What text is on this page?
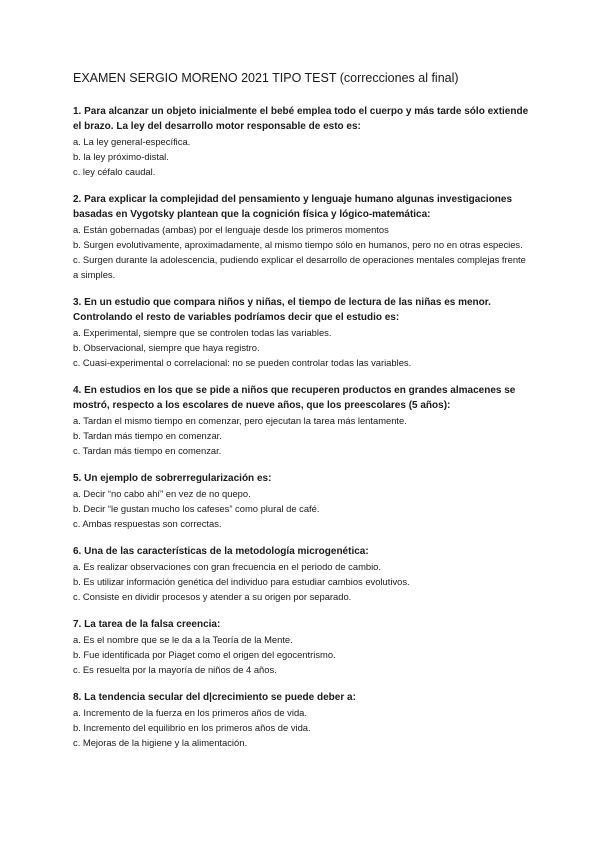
EXAMEN SERGIO MORENO 2021 TIPO TEST (correcciones al final)

1. Para alcanzar un objeto inicialmente el bebé emplea todo el cuerpo y más tarde sólo extiende el brazo. La ley del desarrollo motor responsable de esto es:

a. La ley general-específica.
b. la ley próximo-distal.
c. ley céfalo caudal.

2. Para explicar la complejidad del pensamiento y lenguaje humano algunas investigaciones basadas en Vygotsky plantean que la cognición física y lógico-matemática:

a. Están gobernadas (ambas) por el lenguaje desde los primeros momentos
b. Surgen evolutivamente, aproximadamente, al mismo tiempo sólo en humanos, pero no en otras especies.
c. Surgen durante la adolescencia, pudiendo explicar el desarrollo de operaciones mentales complejas frente a simples.

3. En un estudio que compara niños y niñas, el tiempo de lectura de las niñas es menor. Controlando el resto de variables podríamos decir que el estudio es:

a. Experimental, siempre que se controlen todas las variables.
b. Observacional, siempre que haya registro.
c. Cuasi-experimental o correlacional: no se pueden controlar todas las variables.

4. En estudios en los que se pide a niños que recuperen productos en grandes almacenes se mostró, respecto a los escolares de nueve años, que los preescolares (5 años):

a. Tardan el mismo tiempo en comenzar, pero ejecutan la tarea más lentamente.
b. Tardan más tiempo en comenzar.
c. Tardan más tiempo en comenzar.

5. Un ejemplo de sobrerregularización es:

a. Decir “no cabo ahí” en vez de no quepo.
b. Decir “le gustan mucho los cafeses” como plural de café.
c. Ambas respuestas son correctas.

6. Una de las características de la metodología microgenética:

a. Es realizar observaciones con gran frecuencia en el periodo de cambio.
b. Es utilizar información genética del individuo para estudiar cambios evolutivos.
c. Consiste en dividir procesos y atender a su origen por separado.

7. La tarea de la falsa creencia:

a. Es el nombre que se le da a la Teoría de la Mente.
b. Fue identificada por Piaget como el origen del egocentrismo.
c. Es resuelta por la mayoría de niños de 4 años.

8. La tendencia secular del d|crecimiento se puede deber a:

a. Incremento de la fuerza en los primeros años de vida.
b. Incremento del equilibrio en los primeros años de vida.
c. Mejoras de la higiene y la alimentación.
